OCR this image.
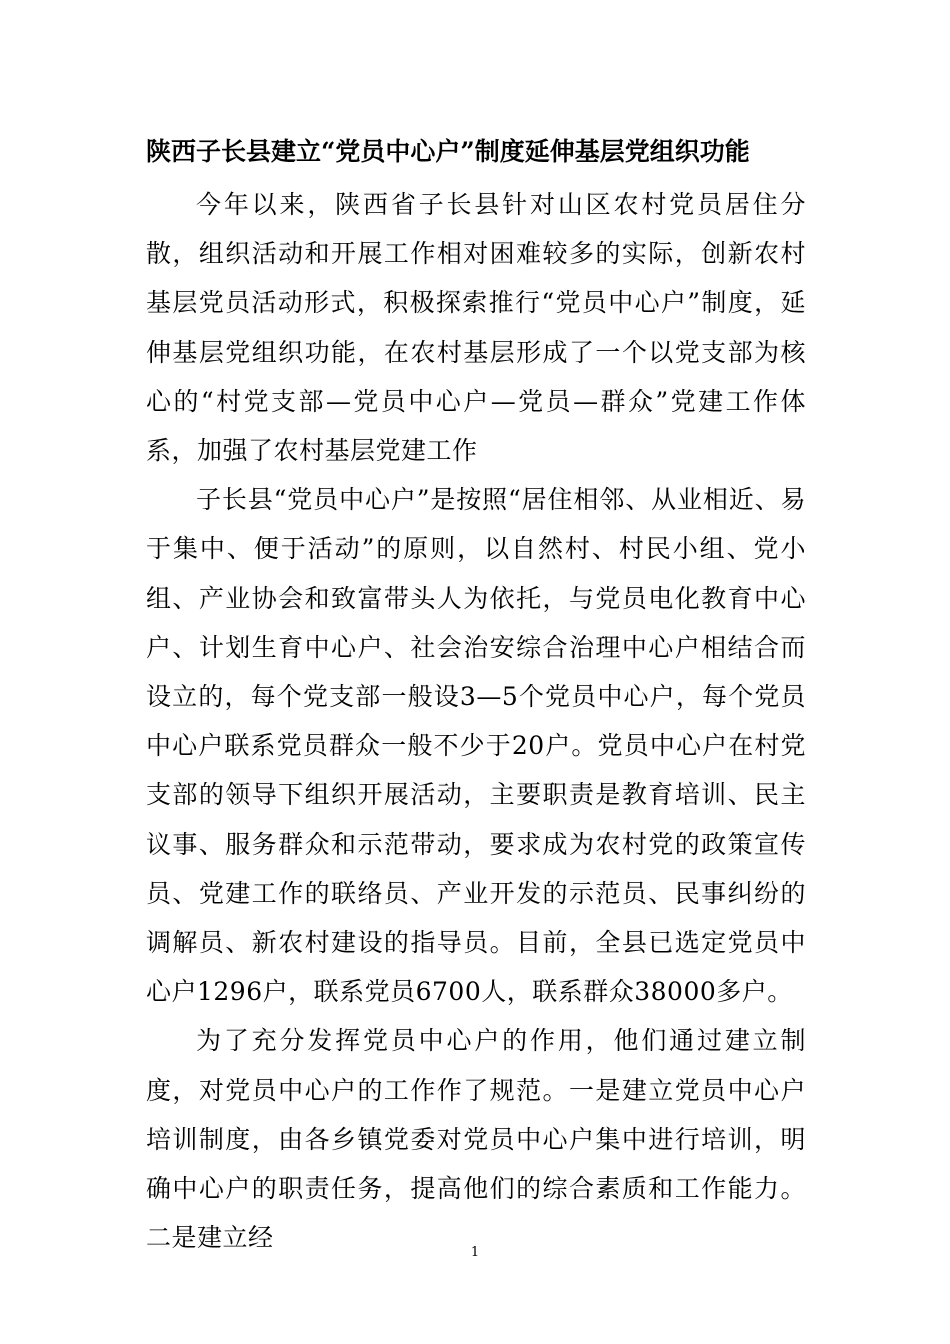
陕西子长县建立“党员中心户”制度延伸基层党组织功能

今年以来，陕西省子长县针对山区农村党员居住分散，组织活动和开展工作相对困难较多的实际，创新农村基层党员活动形式，积极探索推行“党员中心户”制度，延伸基层党组织功能，在农村基层形成了一个以党支部为核心的“村党支部—党员中心户—党员—群众”党建工作体系，加强了农村基层党建工作

子长县“党员中心户”是按照“居住相邻、从业相近、易于集中、便于活动”的原则，以自然村、村民小组、党小组、产业协会和致富带头人为依托，与党员电化教育中心户、计划生育中心户、社会治安综合治理中心户相结合而设立的，每个党支部一般设3—5个党员中心户，每个党员中心户联系党员群众一般不少于20户。党员中心户在村党支部的领导下组织开展活动，主要职责是教育培训、民主议事、服务群众和示范带动，要求成为农村党的政策宣传员、党建工作的联络员、产业开发的示范员、民事纠纷的调解员、新农村建设的指导员。目前，全县已选定党员中心户1296户，联系党员6700人，联系群众38000多户。

为了充分发挥党员中心户的作用，他们通过建立制度，对党员中心户的工作作了规范。一是建立党员中心户培训制度，由各乡镇党委对党员中心户集中进行培训，明确中心户的职责任务，提高他们的综合素质和工作能力。二是建立经

1
